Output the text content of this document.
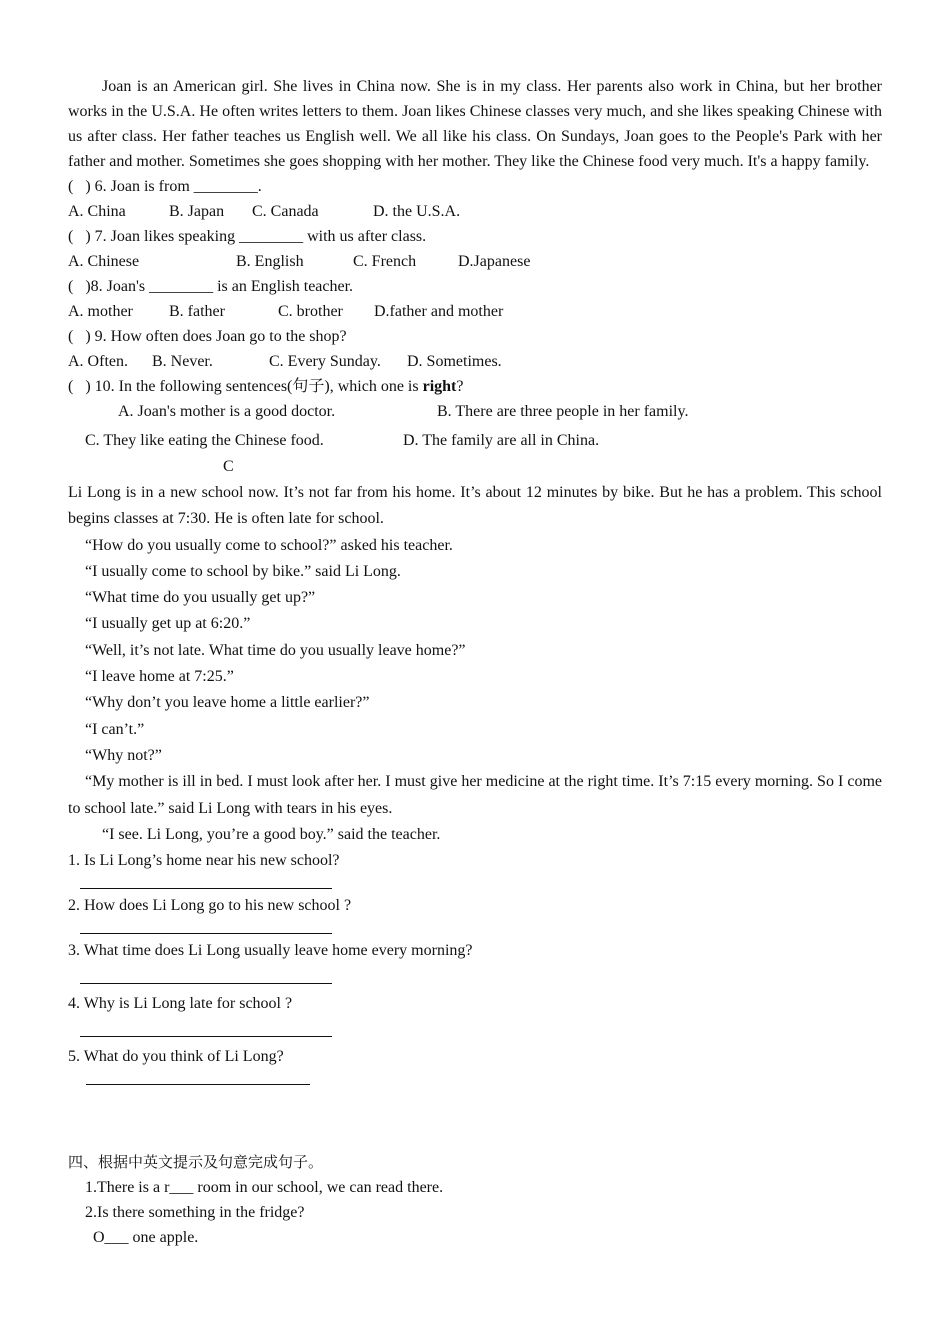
Joan is an American girl. She lives in China now. She is in my class. Her parents also work in China, but her brother works in the U.S.A. He often writes letters to them. Joan likes Chinese classes very much, and she likes speaking Chinese with us after class. Her father teaches us English well. We all like his class. On Sundays, Joan goes to the People's Park with her father and mother. Sometimes she goes shopping with her mother. They like the Chinese food very much. It's a happy family.

(   ) 6. Joan is from ________.
A. China	B. Japan C. Canada	D. the U.S.A.
(   ) 7. Joan likes speaking ________ with us after class.
A. Chinese	B. English	C. French	D.Japanese
(   )8. Joan's ________ is an English teacher.
A. mother B. father	C. brother D.father and mother
(   ) 9. How often does Joan go to the shop?
A. Often. B. Never.	C. Every Sunday. D. Sometimes.
(   ) 10. In the following sentences(句子), which one is right?
A. Joan's mother is a good doctor.	B. There are three people in her family.
C. They like eating the Chinese food.	D. The family are all in China.
C

Li Long is in a new school now. It’s not far from his home. It’s about 12 minutes by bike. But he has a problem. This school begins classes at 7:30. He is often late for school.

“How do you usually come to school?” asked his teacher.
“I usually come to school by bike.” said Li Long.
“What time do you usually get up?”
“I usually get up at 6:20.”
“Well, it’s not late. What time do you usually leave home?”
“I leave home at 7:25.”
“Why don’t you leave home a little earlier?”
“I can’t.”
“Why not?”

“My mother is ill in bed. I must look after her. I must give her medicine at the right time. It’s 7:15 every morning. So I come to school late.” said Li Long with tears in his eyes.

“I see. Li Long, you’re a good boy.” said the teacher.
1. Is Li Long’s home near his new school?
2. How does Li Long go to his new school ?
3. What time does Li Long usually leave home every morning?
4. Why is Li Long late for school ?
5. What do you think of Li Long?
四、根据中英文提示及句意完成句子。
1.There is a r___ room in our school, we can read there.
2.Is there something in the fridge?
O___ one apple.
